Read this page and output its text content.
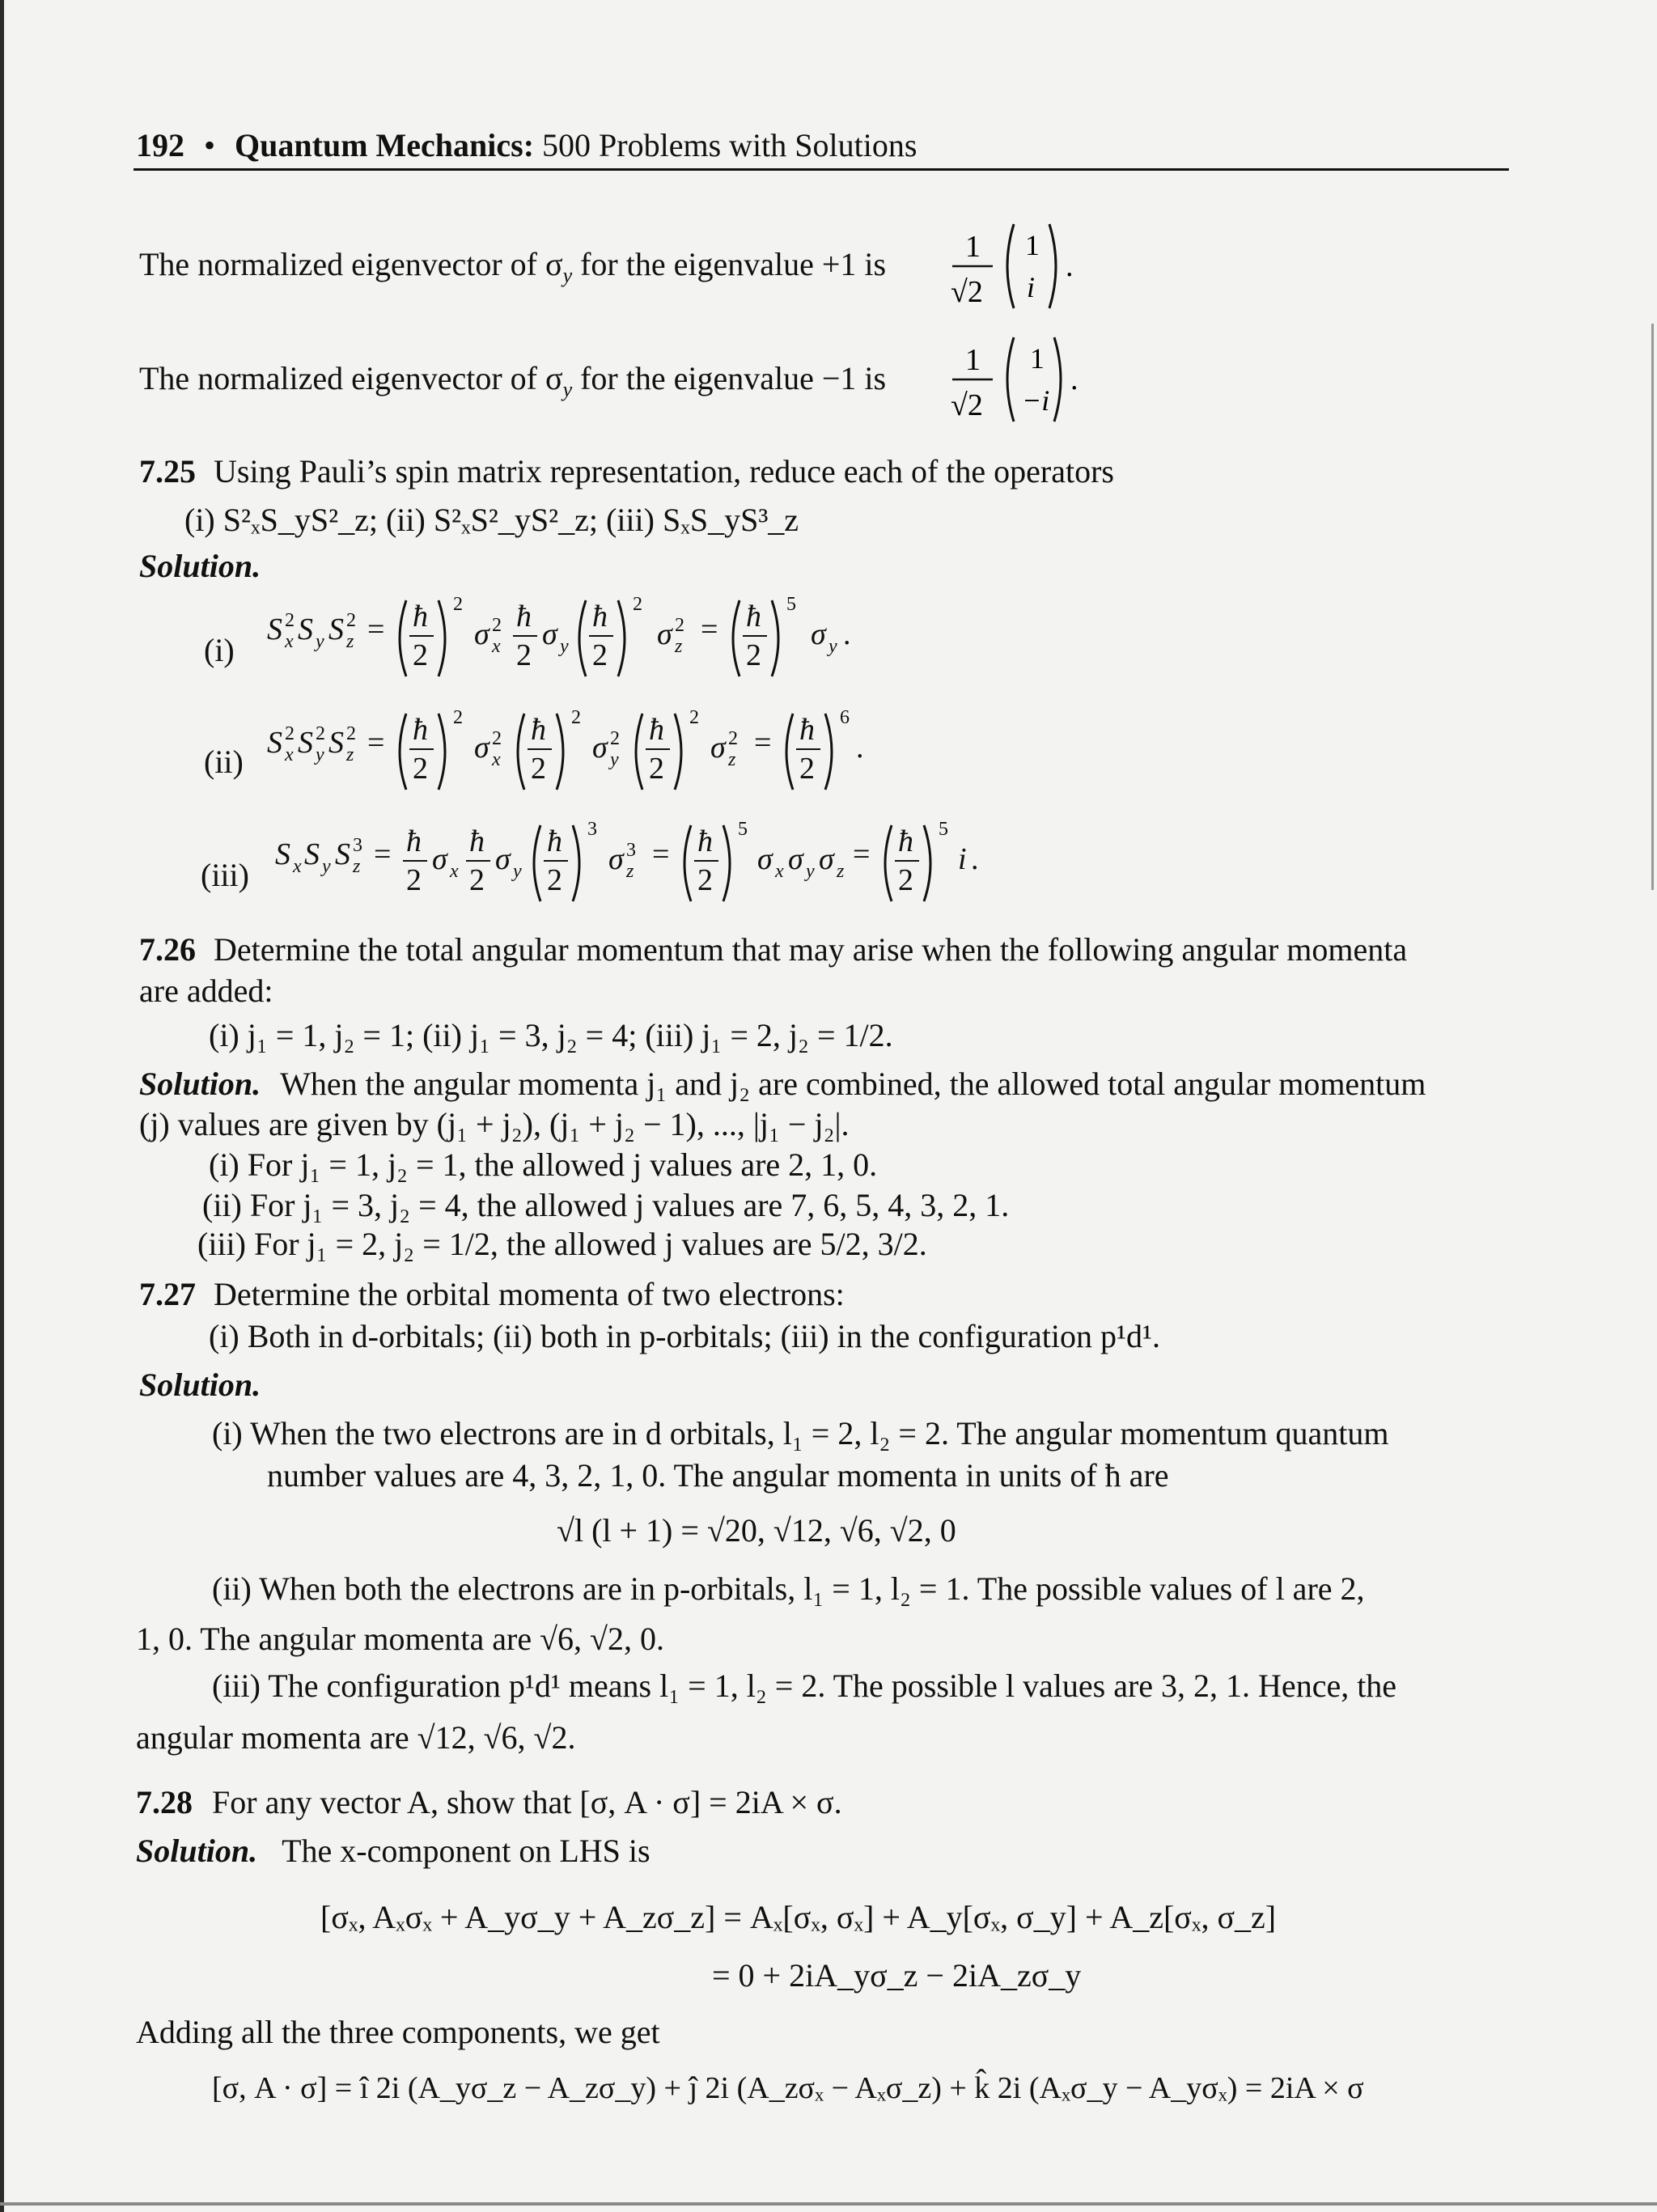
192 • Quantum Mechanics: 500 Problems with Solutions
The normalized eigenvector of $\sigma_y$ for the eigenvalue +1 is	1
√2
1
i
.
The normalized eigenvector of $\sigma_y$ for the eigenvalue −1 is	1
√2
1
−i
.
7.25 Using Pauli’s spin matrix representation, reduce each of the operators
(i) S²ₓS_yS²_z; (ii) S²ₓS²_yS²_z; (iii) SₓS_yS³_z
Solution.
(i)
S x
2 S y S z
2 = ħ
2
2
σ x
2 ħ
2
σ y
ħ
2
2
σ z
2 = ħ
2
5
σ y .
(ii)
S x
2 S y
2 S z
2 = ħ
2
2
σ x
2 ħ
2
2
σ y
2 ħ
2
2
σ z
2 = ħ
2
6
.
(iii)
S x S y S z
3 = ħ
2
σ x
ħ
2
σ y
ħ
2
3
σ z
3 = ħ
2
5
σ x σ y σ z = ħ
2
5
i .
7.26 Determine the total angular momentum that may arise when the following angular momenta
are added:
(i) j₁ = 1, j₂ = 1; (ii) j₁ = 3, j₂ = 4; (iii) j₁ = 2, j₂ = 1/2.
Solution. When the angular momenta j₁ and j₂ are combined, the allowed total angular momentum
(j) values are given by (j₁ + j₂), (j₁ + j₂ − 1), ..., |j₁ − j₂|.
(i) For j₁ = 1, j₂ = 1, the allowed j values are 2, 1, 0.
(ii) For j₁ = 3, j₂ = 4, the allowed j values are 7, 6, 5, 4, 3, 2, 1.
(iii) For j₁ = 2, j₂ = 1/2, the allowed j values are 5/2, 3/2.
7.27 Determine the orbital momenta of two electrons:
(i) Both in d-orbitals; (ii) both in p-orbitals; (iii) in the configuration p¹d¹.
Solution.
(i) When the two electrons are in d orbitals, l₁ = 2, l₂ = 2. The angular momentum quantum
number values are 4, 3, 2, 1, 0. The angular momenta in units of ħ are
√l (l + 1) = √20, √12, √6, √2, 0
(ii) When both the electrons are in p-orbitals, l₁ = 1, l₂ = 1. The possible values of l are 2,
1, 0. The angular momenta are √6, √2, 0.
(iii) The configuration p¹d¹ means l₁ = 1, l₂ = 2. The possible l values are 3, 2, 1. Hence, the
angular momenta are √12, √6, √2.
7.28 For any vector A, show that [σ, A · σ] = 2iA × σ.
Solution. The x-component on LHS is
[σₓ, Aₓσₓ + A_yσ_y + A_zσ_z] = Aₓ[σₓ, σₓ] + A_y[σₓ, σ_y] + A_z[σₓ, σ_z]
= 0 + 2iA_yσ_z − 2iA_zσ_y
Adding all the three components, we get
[σ, A · σ] = î 2i (A_yσ_z − A_zσ_y) + ĵ 2i (A_zσₓ − Aₓσ_z) + k̂ 2i (Aₓσ_y − A_yσₓ) = 2iA × σ
